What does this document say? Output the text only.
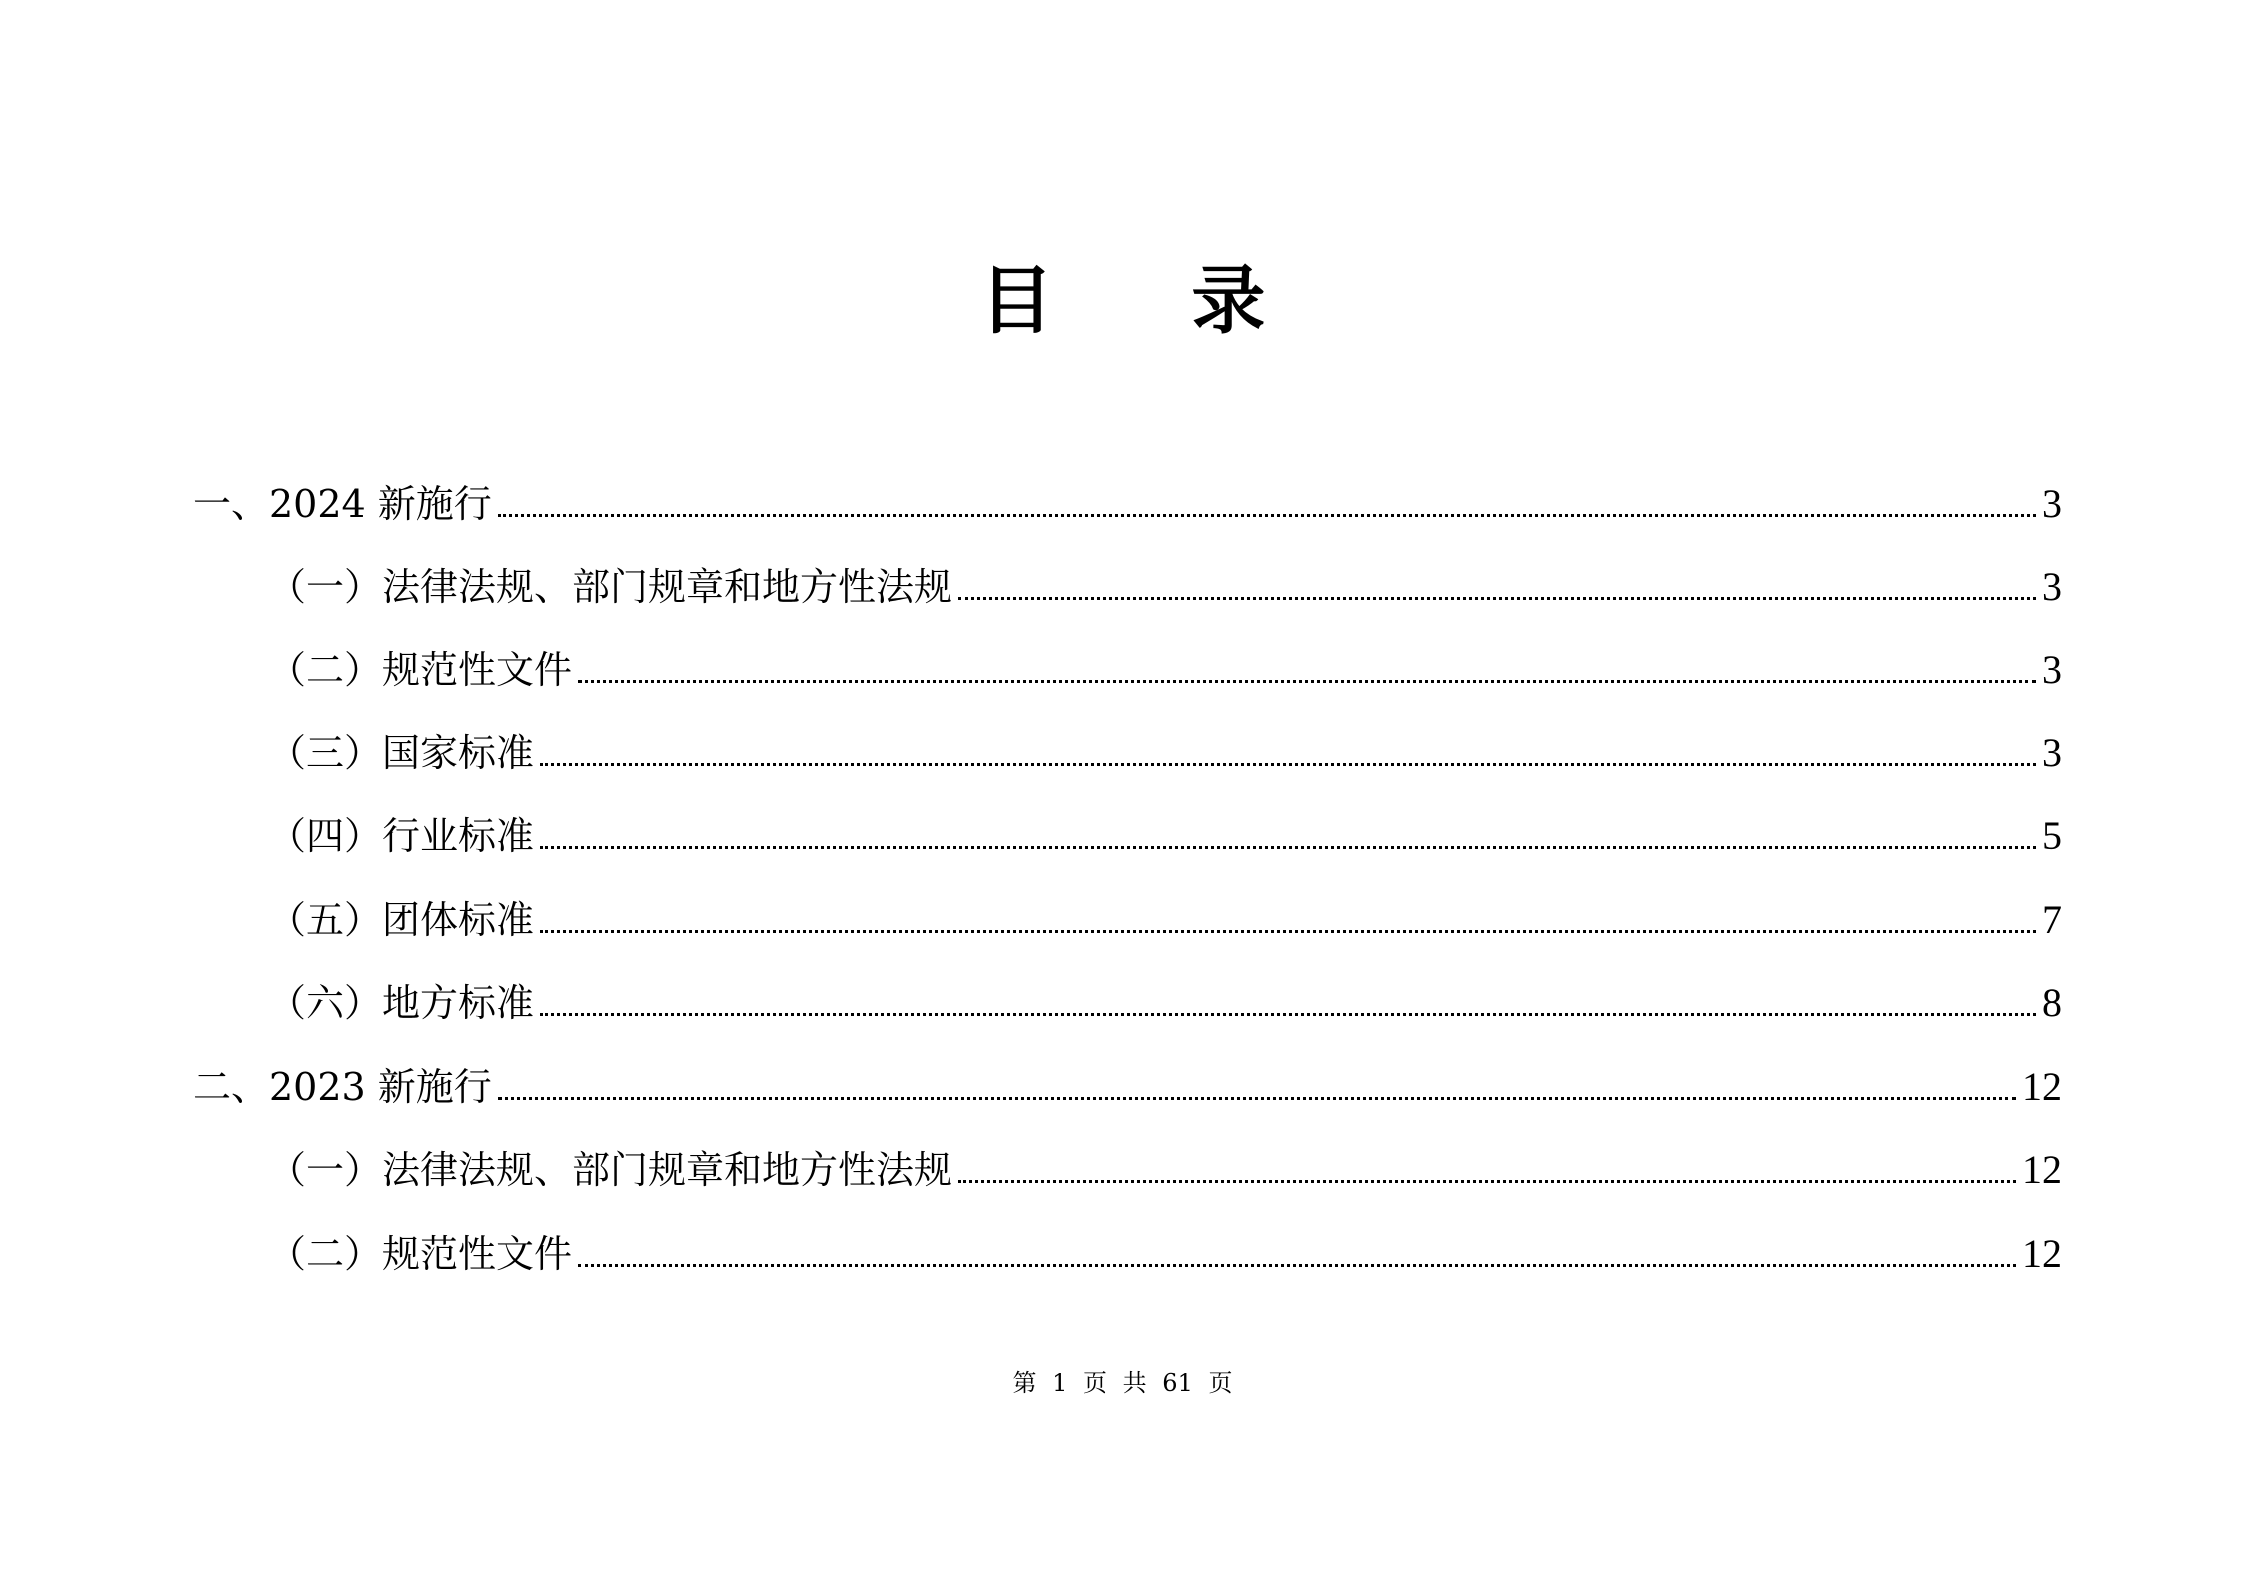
目 录
一、2024 新施行	3
（一）法律法规、部门规章和地方性法规	3
（二）规范性文件	3
（三）国家标准	3
（四）行业标准	5
（五）团体标准	7
（六）地方标准	8
二、2023 新施行	12
（一）法律法规、部门规章和地方性法规	12
（二）规范性文件	12
第 1 页 共 61 页
